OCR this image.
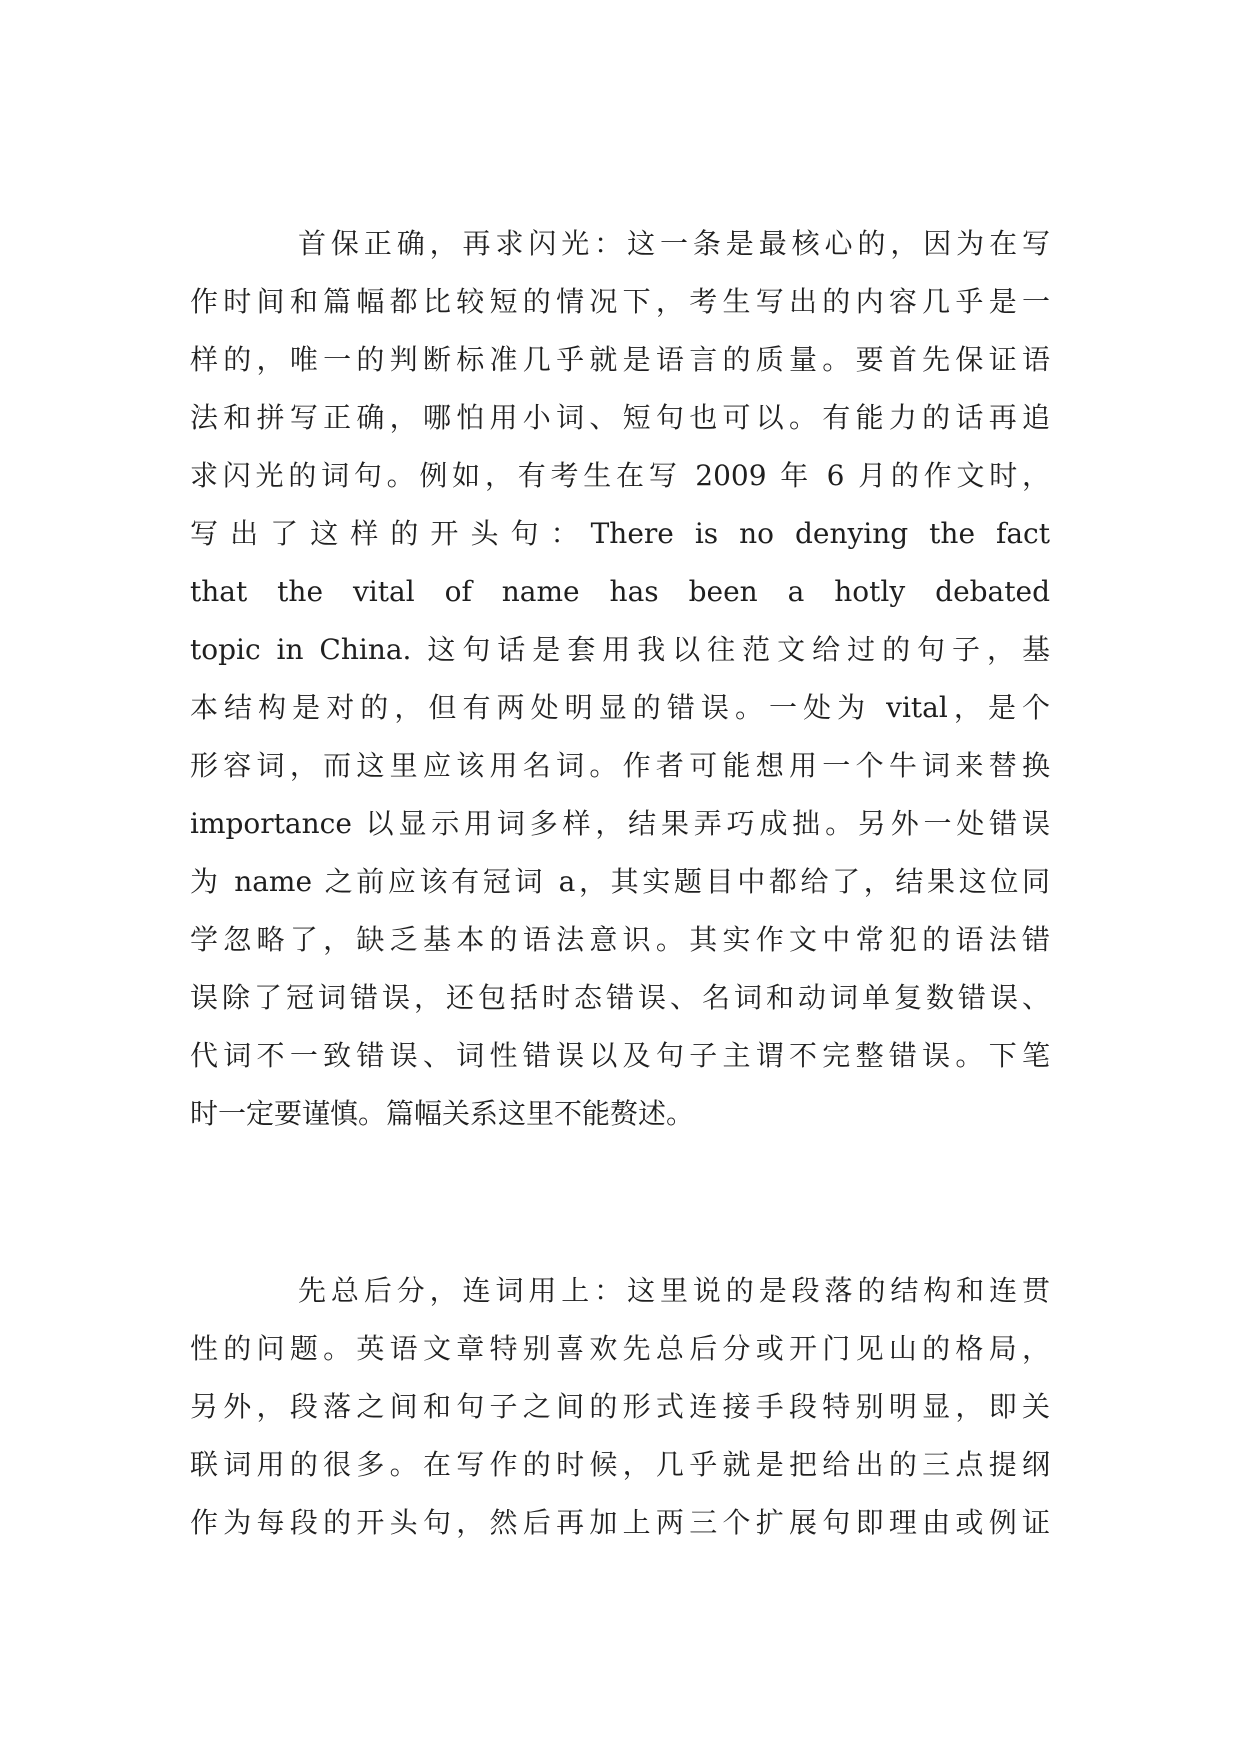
首保正确，再求闪光：这一条是最核心的，因为在写
作时间和篇幅都比较短的情况下，考生写出的内容几乎是一
样的，唯一的判断标准几乎就是语言的质量。要首先保证语
法和拼写正确，哪怕用小词、短句也可以。有能力的话再追
求闪光的词句。例如，有考生在写 2009 年 6 月的作文时，
写出了这样的开头句：There is no denying the fact
that the vital of name has been a hotly debated
topic in China. 这句话是套用我以往范文给过的句子，基
本结构是对的，但有两处明显的错误。一处为 vital，是个
形容词，而这里应该用名词。作者可能想用一个牛词来替换
importance 以显示用词多样，结果弄巧成拙。另外一处错误
为 name 之前应该有冠词 a，其实题目中都给了，结果这位同
学忽略了，缺乏基本的语法意识。其实作文中常犯的语法错
误除了冠词错误，还包括时态错误、名词和动词单复数错误、
代词不一致错误、词性错误以及句子主谓不完整错误。下笔
时一定要谨慎。篇幅关系这里不能赘述。
先总后分，连词用上：这里说的是段落的结构和连贯
性的问题。英语文章特别喜欢先总后分或开门见山的格局，
另外，段落之间和句子之间的形式连接手段特别明显，即关
联词用的很多。在写作的时候，几乎就是把给出的三点提纲
作为每段的开头句，然后再加上两三个扩展句即理由或例证
